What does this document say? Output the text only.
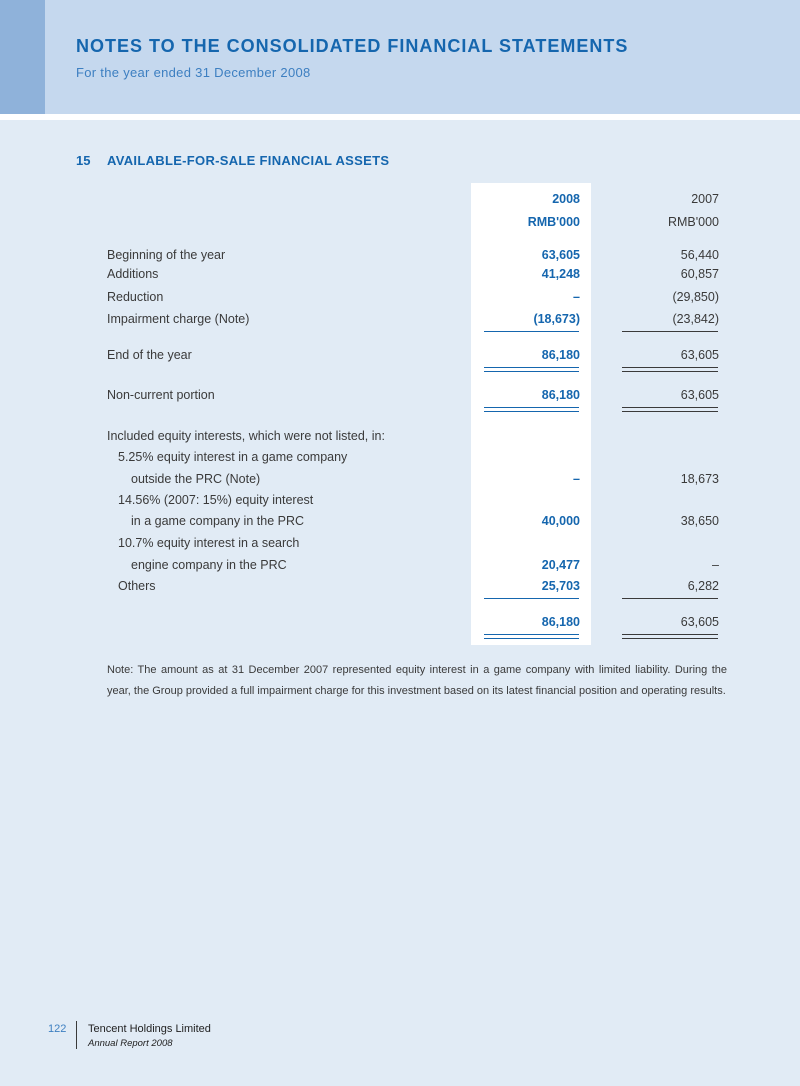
NOTES TO THE CONSOLIDATED FINANCIAL STATEMENTS
For the year ended 31 December 2008
15 AVAILABLE-FOR-SALE FINANCIAL ASSETS
2008	2007
RMB'000	RMB'000
Beginning of the year	63,605	56,440
Additions	41,248	60,857
Reduction	–	(29,850)
Impairment charge (Note)	(18,673)	(23,842)
End of the year	86,180	63,605
Non-current portion	86,180	63,605
Included equity interests, which were not listed, in:
5.25% equity interest in a game company
outside the PRC (Note)	–	18,673
14.56% (2007: 15%) equity interest
in a game company in the PRC	40,000	38,650
10.7% equity interest in a search
engine company in the PRC	20,477	–
Others	25,703	6,282
86,180	63,605
Note: The amount as at 31 December 2007 represented equity interest in a game company with limited liability. During the year, the Group provided a full impairment charge for this investment based on its latest financial position and operating results.
122 Tencent Holdings Limited
Annual Report 2008
